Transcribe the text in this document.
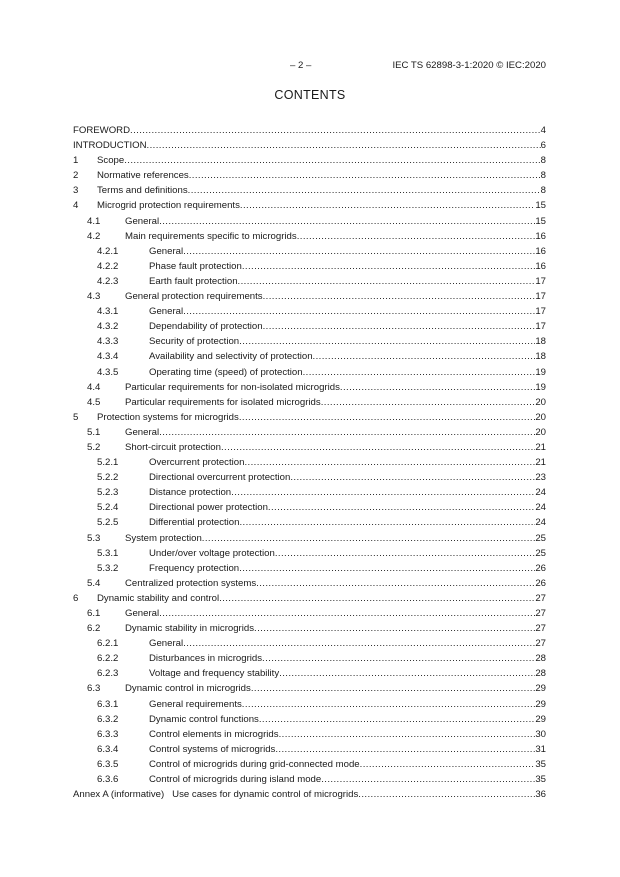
– 2 –	IEC TS 62898-3-1:2020 © IEC:2020
CONTENTS
FOREWORD .....	4
INTRODUCTION .....	6
1 Scope .....	8
2 Normative references .....	8
3 Terms and definitions .....	8
4 Microgrid protection requirements .....	15
4.1	General .....	15
4.2	Main requirements specific to microgrids .....	16
4.2.1	General .....	16
4.2.2	Phase fault protection .....	16
4.2.3	Earth fault protection .....	17
4.3	General protection requirements .....	17
4.3.1	General .....	17
4.3.2	Dependability of protection .....	17
4.3.3	Security of protection .....	18
4.3.4	Availability and selectivity of protection .....	18
4.3.5	Operating time (speed) of protection .....	19
4.4	Particular requirements for non-isolated microgrids .....	19
4.5	Particular requirements for isolated microgrids .....	20
5 Protection systems for microgrids .....	20
5.1	General .....	20
5.2	Short-circuit protection .....	21
5.2.1	Overcurrent protection .....	21
5.2.2	Directional overcurrent protection .....	23
5.2.3	Distance protection .....	24
5.2.4	Directional power protection .....	24
5.2.5	Differential protection .....	24
5.3	System protection .....	25
5.3.1	Under/over voltage protection .....	25
5.3.2	Frequency protection .....	26
5.4	Centralized protection systems .....	26
6 Dynamic stability and control .....	27
6.1	General .....	27
6.2	Dynamic stability in microgrids .....	27
6.2.1	General .....	27
6.2.2	Disturbances in microgrids .....	28
6.2.3	Voltage and frequency stability .....	28
6.3	Dynamic control in microgrids .....	29
6.3.1	General requirements .....	29
6.3.2	Dynamic control functions .....	29
6.3.3	Control elements in microgrids .....	30
6.3.4	Control systems of microgrids .....	31
6.3.5	Control of microgrids during grid-connected mode .....	35
6.3.6	Control of microgrids during island mode .....	35
Annex A (informative)   Use cases for dynamic control of microgrids .....	36
